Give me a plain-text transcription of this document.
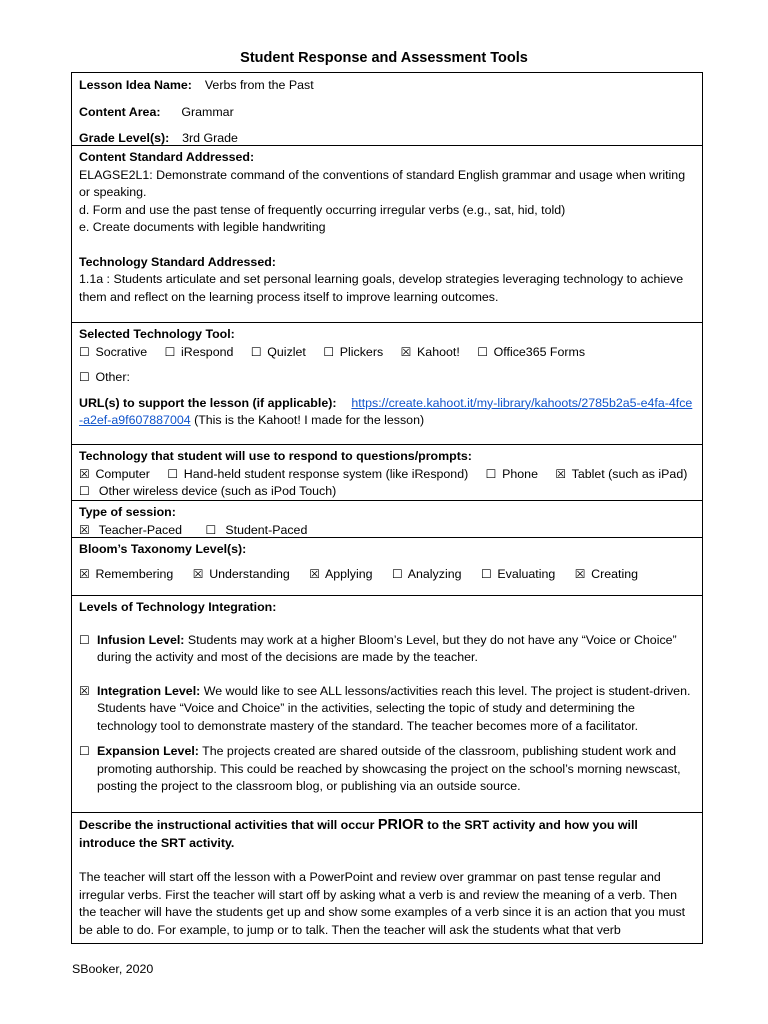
Student Response and Assessment Tools
Lesson Idea Name: Verbs from the Past
Content Area: Grammar
Grade Level(s): 3rd Grade
Content Standard Addressed:
ELAGSE2L1: Demonstrate command of the conventions of standard English grammar and usage when writing or speaking.
d. Form and use the past tense of frequently occurring irregular verbs (e.g., sat, hid, told)
e. Create documents with legible handwriting
Technology Standard Addressed:
1.1a : Students articulate and set personal learning goals, develop strategies leveraging technology to achieve them and reflect on the learning process itself to improve learning outcomes.
Selected Technology Tool:
☐ Socrative ☐ iRespond ☐ Quizlet ☐ Plickers ☒ Kahoot! ☐ Office365 Forms
☐ Other:
URL(s) to support the lesson (if applicable): https://create.kahoot.it/my-library/kahoots/2785b2a5-e4fa-4fce-a2ef-a9f607887004 (This is the Kahoot! I made for the lesson)
Technology that student will use to respond to questions/prompts:
☒ Computer ☐ Hand-held student response system (like iRespond) ☐ Phone ☒ Tablet (such as iPad)
☐ Other wireless device (such as iPod Touch)
Type of session:
☒ Teacher-Paced ☐ Student-Paced
Bloom’s Taxonomy Level(s):
☒ Remembering ☒ Understanding ☒ Applying ☐ Analyzing ☐ Evaluating ☒ Creating
Levels of Technology Integration:
☐ Infusion Level: Students may work at a higher Bloom’s Level, but they do not have any “Voice or Choice” during the activity and most of the decisions are made by the teacher.
☒ Integration Level: We would like to see ALL lessons/activities reach this level. The project is student-driven. Students have “Voice and Choice” in the activities, selecting the topic of study and determining the technology tool to demonstrate mastery of the standard. The teacher becomes more of a facilitator.
☐ Expansion Level: The projects created are shared outside of the classroom, publishing student work and promoting authorship. This could be reached by showcasing the project on the school’s morning newscast, posting the project to the classroom blog, or publishing via an outside source.
Describe the instructional activities that will occur PRIOR to the SRT activity and how you will introduce the SRT activity.
The teacher will start off the lesson with a PowerPoint and review over grammar on past tense regular and irregular verbs. First the teacher will start off by asking what a verb is and review the meaning of a verb. Then the teacher will have the students get up and show some examples of a verb since it is an action that you must be able to do. For example, to jump or to talk. Then the teacher will ask the students what that verb
SBooker, 2020
